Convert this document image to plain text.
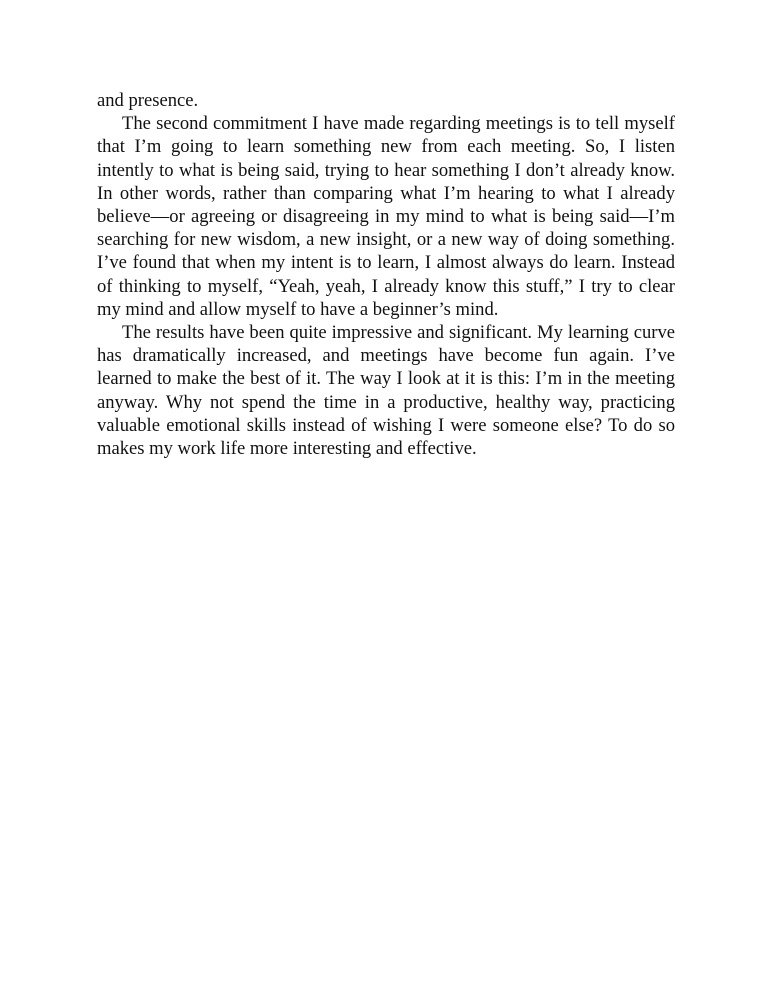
and presence.

The second commitment I have made regarding meetings is to tell myself that I’m going to learn something new from each meeting. So, I listen intently to what is being said, trying to hear something I don’t already know. In other words, rather than comparing what I’m hearing to what I already believe—or agreeing or disagreeing in my mind to what is being said—I’m searching for new wisdom, a new insight, or a new way of doing something. I’ve found that when my intent is to learn, I almost always do learn. Instead of thinking to myself, “Yeah, yeah, I already know this stuff,” I try to clear my mind and allow myself to have a beginner’s mind.

The results have been quite impressive and significant. My learning curve has dramatically increased, and meetings have become fun again. I’ve learned to make the best of it. The way I look at it is this: I’m in the meeting anyway. Why not spend the time in a productive, healthy way, practicing valuable emotional skills instead of wishing I were someone else? To do so makes my work life more interesting and effective.
